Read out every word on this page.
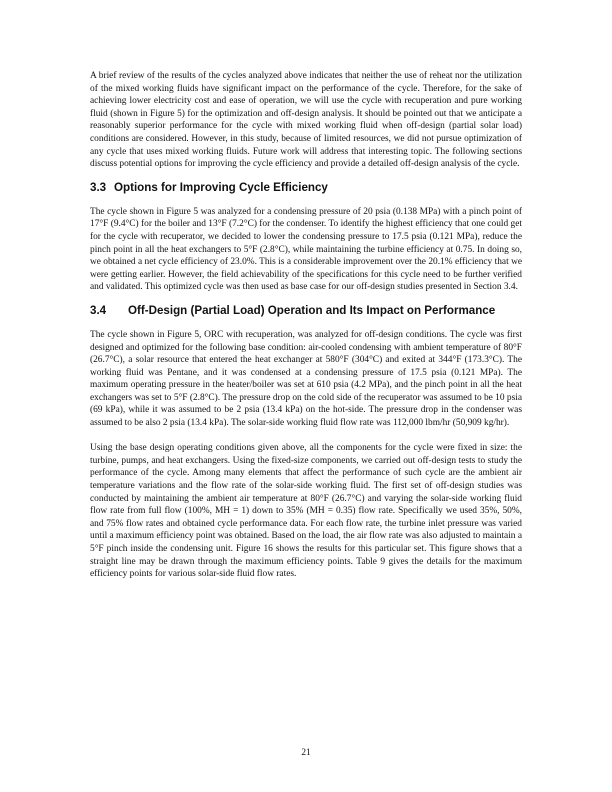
A brief review of the results of the cycles analyzed above indicates that neither the use of reheat nor the utilization of the mixed working fluids have significant impact on the performance of the cycle. Therefore, for the sake of achieving lower electricity cost and ease of operation, we will use the cycle with recuperation and pure working fluid (shown in Figure 5) for the optimization and off-design analysis. It should be pointed out that we anticipate a reasonably superior performance for the cycle with mixed working fluid when off-design (partial solar load) conditions are considered. However, in this study, because of limited resources, we did not pursue optimization of any cycle that uses mixed working fluids. Future work will address that interesting topic. The following sections discuss potential options for improving the cycle efficiency and provide a detailed off-design analysis of the cycle.

3.3 Options for Improving Cycle Efficiency

The cycle shown in Figure 5 was analyzed for a condensing pressure of 20 psia (0.138 MPa) with a pinch point of 17°F (9.4°C) for the boiler and 13°F (7.2°C) for the condenser. To identify the highest efficiency that one could get for the cycle with recuperator, we decided to lower the condensing pressure to 17.5 psia (0.121 MPa), reduce the pinch point in all the heat exchangers to 5°F (2.8°C), while maintaining the turbine efficiency at 0.75. In doing so, we obtained a net cycle efficiency of 23.0%. This is a considerable improvement over the 20.1% efficiency that we were getting earlier. However, the field achievability of the specifications for this cycle need to be further verified and validated. This optimized cycle was then used as base case for our off-design studies presented in Section 3.4.

3.4 Off-Design (Partial Load) Operation and Its Impact on Performance

The cycle shown in Figure 5, ORC with recuperation, was analyzed for off-design conditions. The cycle was first designed and optimized for the following base condition: air-cooled condensing with ambient temperature of 80°F (26.7°C), a solar resource that entered the heat exchanger at 580°F (304°C) and exited at 344°F (173.3°C). The working fluid was Pentane, and it was condensed at a condensing pressure of 17.5 psia (0.121 MPa). The maximum operating pressure in the heater/boiler was set at 610 psia (4.2 MPa), and the pinch point in all the heat exchangers was set to 5°F (2.8°C). The pressure drop on the cold side of the recuperator was assumed to be 10 psia (69 kPa), while it was assumed to be 2 psia (13.4 kPa) on the hot-side. The pressure drop in the condenser was assumed to be also 2 psia (13.4 kPa). The solar-side working fluid flow rate was 112,000 lbm/hr (50,909 kg/hr).

Using the base design operating conditions given above, all the components for the cycle were fixed in size: the turbine, pumps, and heat exchangers. Using the fixed-size components, we carried out off-design tests to study the performance of the cycle. Among many elements that affect the performance of such cycle are the ambient air temperature variations and the flow rate of the solar-side working fluid. The first set of off-design studies was conducted by maintaining the ambient air temperature at 80°F (26.7°C) and varying the solar-side working fluid flow rate from full flow (100%, MH = 1) down to 35% (MH = 0.35) flow rate. Specifically we used 35%, 50%, and 75% flow rates and obtained cycle performance data. For each flow rate, the turbine inlet pressure was varied until a maximum efficiency point was obtained. Based on the load, the air flow rate was also adjusted to maintain a 5°F pinch inside the condensing unit. Figure 16 shows the results for this particular set. This figure shows that a straight line may be drawn through the maximum efficiency points. Table 9 gives the details for the maximum efficiency points for various solar-side fluid flow rates.

21
